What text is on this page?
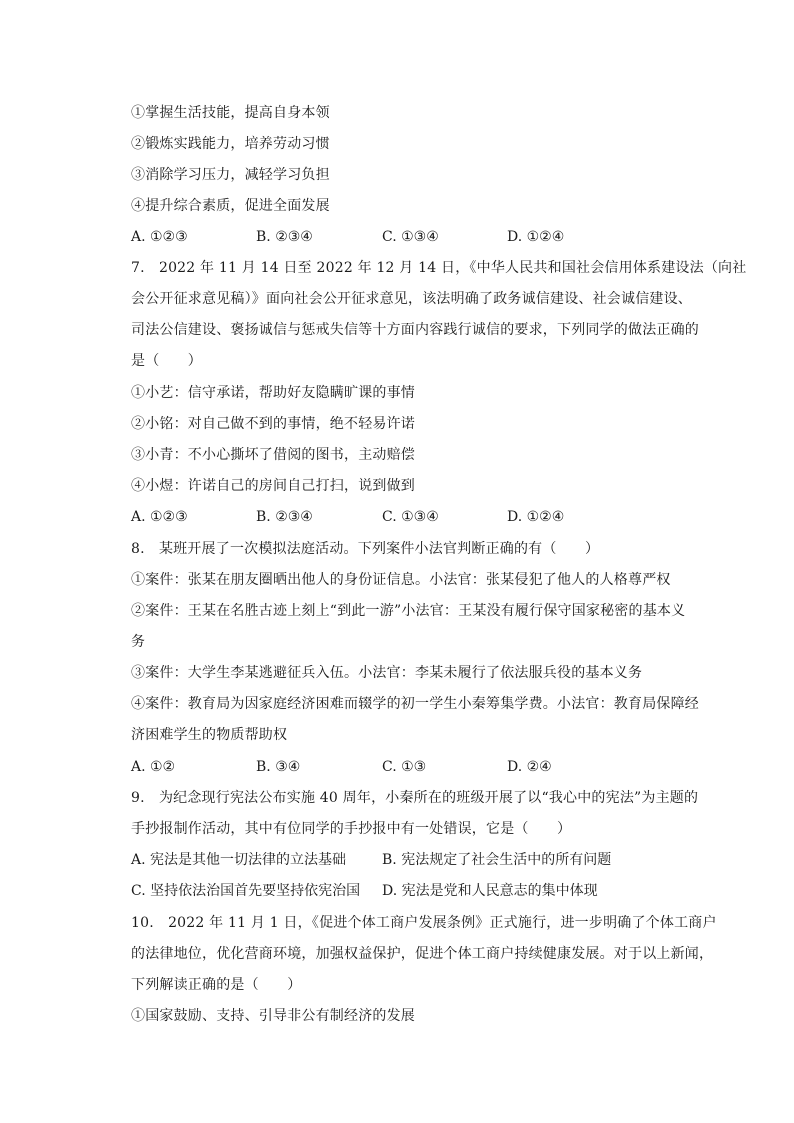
①掌握生活技能，提高自身本领
②锻炼实践能力，培养劳动习惯
③消除学习压力，减轻学习负担
④提升综合素质，促进全面发展
A. ①②③	B. ②③④	C. ①③④	D. ①②④
7.　2022 年 11 月 14 日至 2022 年 12 月 14 日，《中华人民共和国社会信用体系建设法（向社
会公开征求意见稿）》面向社会公开征求意见，该法明确了政务诚信建设、社会诚信建设、
司法公信建设、褒扬诚信与惩戒失信等十方面内容践行诚信的要求，下列同学的做法正确的
是（　　）
①小艺：信守承诺，帮助好友隐瞒旷课的事情
②小铭：对自己做不到的事情，绝不轻易许诺
③小青：不小心撕坏了借阅的图书，主动赔偿
④小煜：许诺自己的房间自己打扫，说到做到
A. ①②③	B. ②③④	C. ①③④	D. ①②④
8.　某班开展了一次模拟法庭活动。下列案件小法官判断正确的有（　　）
①案件：张某在朋友圈晒出他人的身份证信息。小法官：张某侵犯了他人的人格尊严权
②案件：王某在名胜古迹上刻上“到此一游”小法官：王某没有履行保守国家秘密的基本义
务
③案件：大学生李某逃避征兵入伍。小法官：李某未履行了依法服兵役的基本义务
④案件：教育局为因家庭经济困难而辍学的初一学生小秦筹集学费。小法官：教育局保障经
济困难学生的物质帮助权
A. ①②	B. ③④	C. ①③	D. ②④
9.　为纪念现行宪法公布实施 40 周年，小秦所在的班级开展了以“我心中的宪法”为主题的
手抄报制作活动，其中有位同学的手抄报中有一处错误，它是（　　）
A. 宪法是其他一切法律的立法基础	B. 宪法规定了社会生活中的所有问题
C. 坚持依法治国首先要坚持依宪治国 D. 宪法是党和人民意志的集中体现
10.　2022 年 11 月 1 日，《促进个体工商户发展条例》正式施行，进一步明确了个体工商户
的法律地位，优化营商环境，加强权益保护，促进个体工商户持续健康发展。对于以上新闻，
下列解读正确的是（　　）
①国家鼓励、支持、引导非公有制经济的发展
